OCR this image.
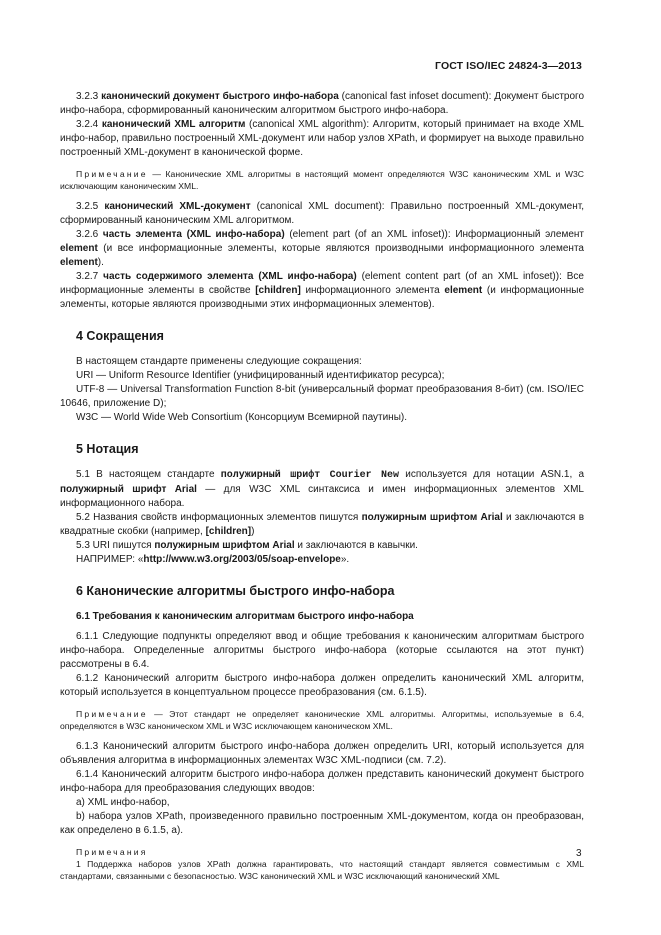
ГОСТ ISO/IEC 24824-3—2013

3.2.3 канонический документ быстрого инфо-набора (canonical fast infoset document): Документ быстрого инфо-набора, сформированный каноническим алгоритмом быстрого инфо-набора.

3.2.4 канонический XML алгоритм (canonical XML algorithm): Алгоритм, который принимает на входе XML инфо-набор, правильно построенный XML-документ или набор узлов XPath, и формирует на выходе правильно построенный XML-документ в канонической форме.

Примечание — Канонические XML алгоритмы в настоящий момент определяются W3C каноническим XML и W3C исключающим каноническим XML.

3.2.5 канонический XML-документ (canonical XML document): Правильно построенный XML-документ, сформированный каноническим XML алгоритмом.

3.2.6 часть элемента (XML инфо-набора) (element part (of an XML infoset)): Информационный элемент element (и все информационные элементы, которые являются производными информационного элемента element).

3.2.7 часть содержимого элемента (XML инфо-набора) (element content part (of an XML infoset)): Все информационные элементы в свойстве [children] информационного элемента element (и информационные элементы, которые являются производными этих информационных элементов).

4 Сокращения

В настоящем стандарте применены следующие сокращения:

URI — Uniform Resource Identifier (унифицированный идентификатор ресурса);

UTF-8 — Universal Transformation Function 8-bit (универсальный формат преобразования 8-бит) (см. ISO/IEC 10646, приложение D);

W3C — World Wide Web Consortium (Консорциум Всемирной паутины).

5 Нотация

5.1 В настоящем стандарте полужирный шрифт Courier New используется для нотации ASN.1, а полужирный шрифт Arial — для W3C XML синтаксиса и имен информационных элементов XML информационного набора.

5.2 Названия свойств информационных элементов пишутся полужирным шрифтом Arial и заключаются в квадратные скобки (например, [children])

5.3 URI пишутся полужирным шрифтом Arial и заключаются в кавычки.

НАПРИМЕР: «http://www.w3.org/2003/05/soap-envelope».

6 Канонические алгоритмы быстрого инфо-набора
6.1 Требования к каноническим алгоритмам быстрого инфо-набора

6.1.1 Следующие подпункты определяют ввод и общие требования к каноническим алгоритмам быстрого инфо-набора. Определенные алгоритмы быстрого инфо-набора (которые ссылаются на этот пункт) рассмотрены в 6.4.

6.1.2 Канонический алгоритм быстрого инфо-набора должен определить канонический XML алгоритм, который используется в концептуальном процессе преобразования (см. 6.1.5).

Примечание — Этот стандарт не определяет канонические XML алгоритмы. Алгоритмы, используемые в 6.4, определяются в W3C каноническом XML и W3C исключающем каноническом XML.

6.1.3 Канонический алгоритм быстрого инфо-набора должен определить URI, который используется для объявления алгоритма в информационных элементах W3C XML-подписи (см. 7.2).

6.1.4 Канонический алгоритм быстрого инфо-набора должен представить канонический документ быстрого инфо-набора для преобразования следующих вводов:

а) XML инфо-набор,

b) набора узлов XPath, произведенного правильно построенным XML-документом, когда он преобразован, как определено в 6.1.5, а).

Примечания

1 Поддержка наборов узлов XPath должна гарантировать, что настоящий стандарт является совместимым с XML стандартами, связанными с безопасностью. W3C канонический XML и W3C исключающий канонический XML

3
